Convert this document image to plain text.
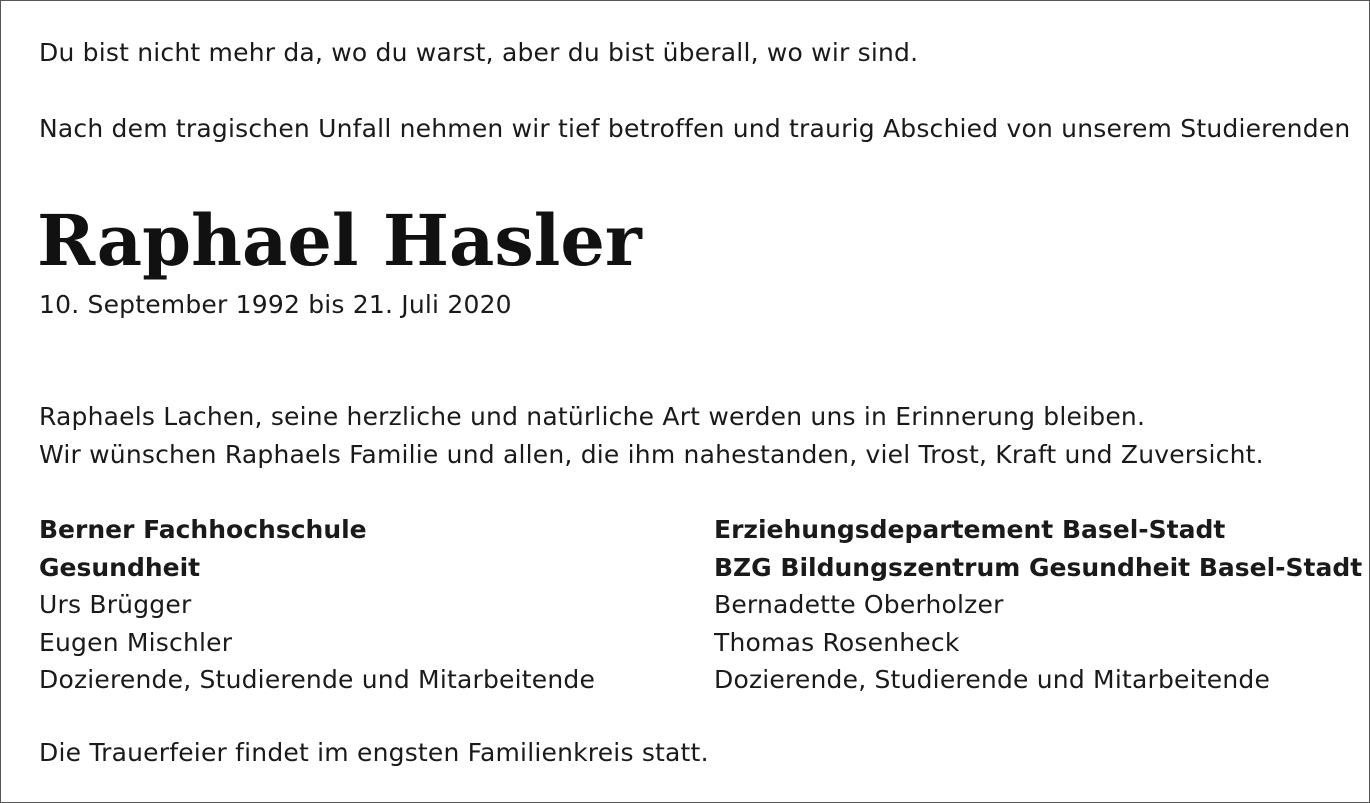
Du bist nicht mehr da, wo du warst, aber du bist überall, wo wir sind.

Nach dem tragischen Unfall nehmen wir tief betroffen und traurig Abschied von unserem Studierenden

Raphael Hasler

10. September 1992 bis 21. Juli 2020

Raphaels Lachen, seine herzliche und natürliche Art werden uns in Erinnerung bleiben.

Wir wünschen Raphaels Familie und allen, die ihm nahestanden, viel Trost, Kraft und Zuversicht.

Berner Fachhochschule
Gesundheit
Urs Brügger
Eugen Mischler
Dozierende, Studierende und Mitarbeitende
Erziehungsdepartement Basel-Stadt
BZG Bildungszentrum Gesundheit Basel-Stadt
Bernadette Oberholzer
Thomas Rosenheck
Dozierende, Studierende und Mitarbeitende

Die Trauerfeier findet im engsten Familienkreis statt.
